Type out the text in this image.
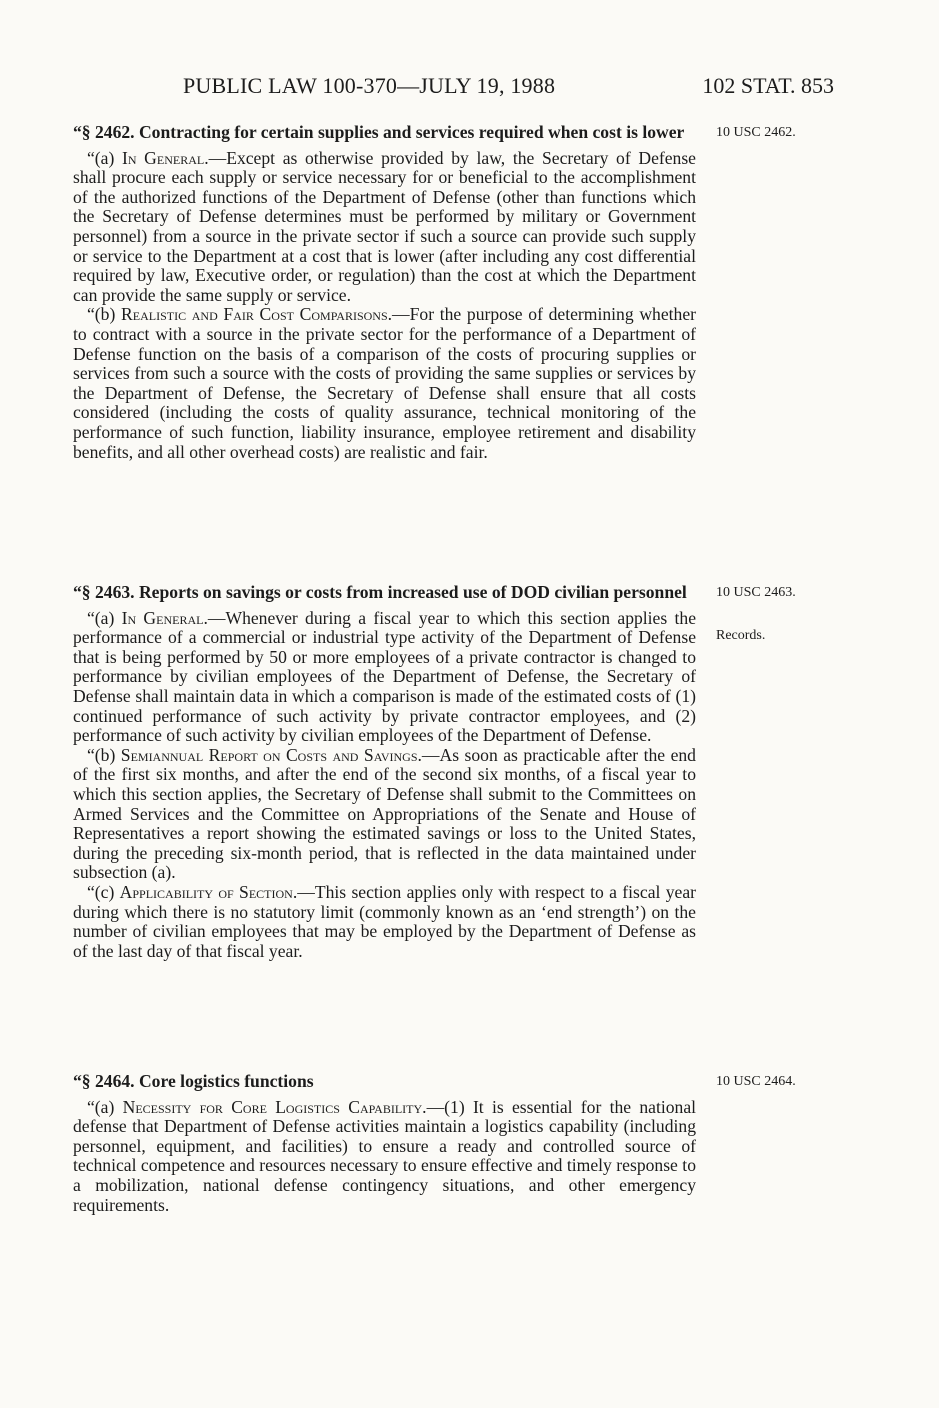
PUBLIC LAW 100-370—JULY 19, 1988	102 STAT. 853
10 USC 2462.

“§ 2462. Contracting for certain supplies and services required when cost is lower

“(a) In General.—Except as otherwise provided by law, the Secretary of Defense shall procure each supply or service necessary for or beneficial to the accomplishment of the authorized functions of the Department of Defense (other than functions which the Secretary of Defense determines must be performed by military or Government personnel) from a source in the private sector if such a source can provide such supply or service to the Department at a cost that is lower (after including any cost differential required by law, Executive order, or regulation) than the cost at which the Department can provide the same supply or service.

“(b) Realistic and Fair Cost Comparisons.—For the purpose of determining whether to contract with a source in the private sector for the performance of a Department of Defense function on the basis of a comparison of the costs of procuring supplies or services from such a source with the costs of providing the same supplies or services by the Department of Defense, the Secretary of Defense shall ensure that all costs considered (including the costs of quality assurance, technical monitoring of the performance of such function, liability insurance, employee retirement and disability benefits, and all other overhead costs) are realistic and fair.

10 USC 2463.
Records.

“§ 2463. Reports on savings or costs from increased use of DOD civilian personnel

“(a) In General.—Whenever during a fiscal year to which this section applies the performance of a commercial or industrial type activity of the Department of Defense that is being performed by 50 or more employees of a private contractor is changed to performance by civilian employees of the Department of Defense, the Secretary of Defense shall maintain data in which a comparison is made of the estimated costs of (1) continued performance of such activity by private contractor employees, and (2) performance of such activity by civilian employees of the Department of Defense.

“(b) Semiannual Report on Costs and Savings.—As soon as practicable after the end of the first six months, and after the end of the second six months, of a fiscal year to which this section applies, the Secretary of Defense shall submit to the Committees on Armed Services and the Committee on Appropriations of the Senate and House of Representatives a report showing the estimated savings or loss to the United States, during the preceding six-month period, that is reflected in the data maintained under subsection (a).

“(c) Applicability of Section.—This section applies only with respect to a fiscal year during which there is no statutory limit (commonly known as an ‘end strength’) on the number of civilian employees that may be employed by the Department of Defense as of the last day of that fiscal year.

10 USC 2464.

“§ 2464. Core logistics functions

“(a) Necessity for Core Logistics Capability.—(1) It is essential for the national defense that Department of Defense activities maintain a logistics capability (including personnel, equipment, and facilities) to ensure a ready and controlled source of technical competence and resources necessary to ensure effective and timely response to a mobilization, national defense contingency situations, and other emergency requirements.
